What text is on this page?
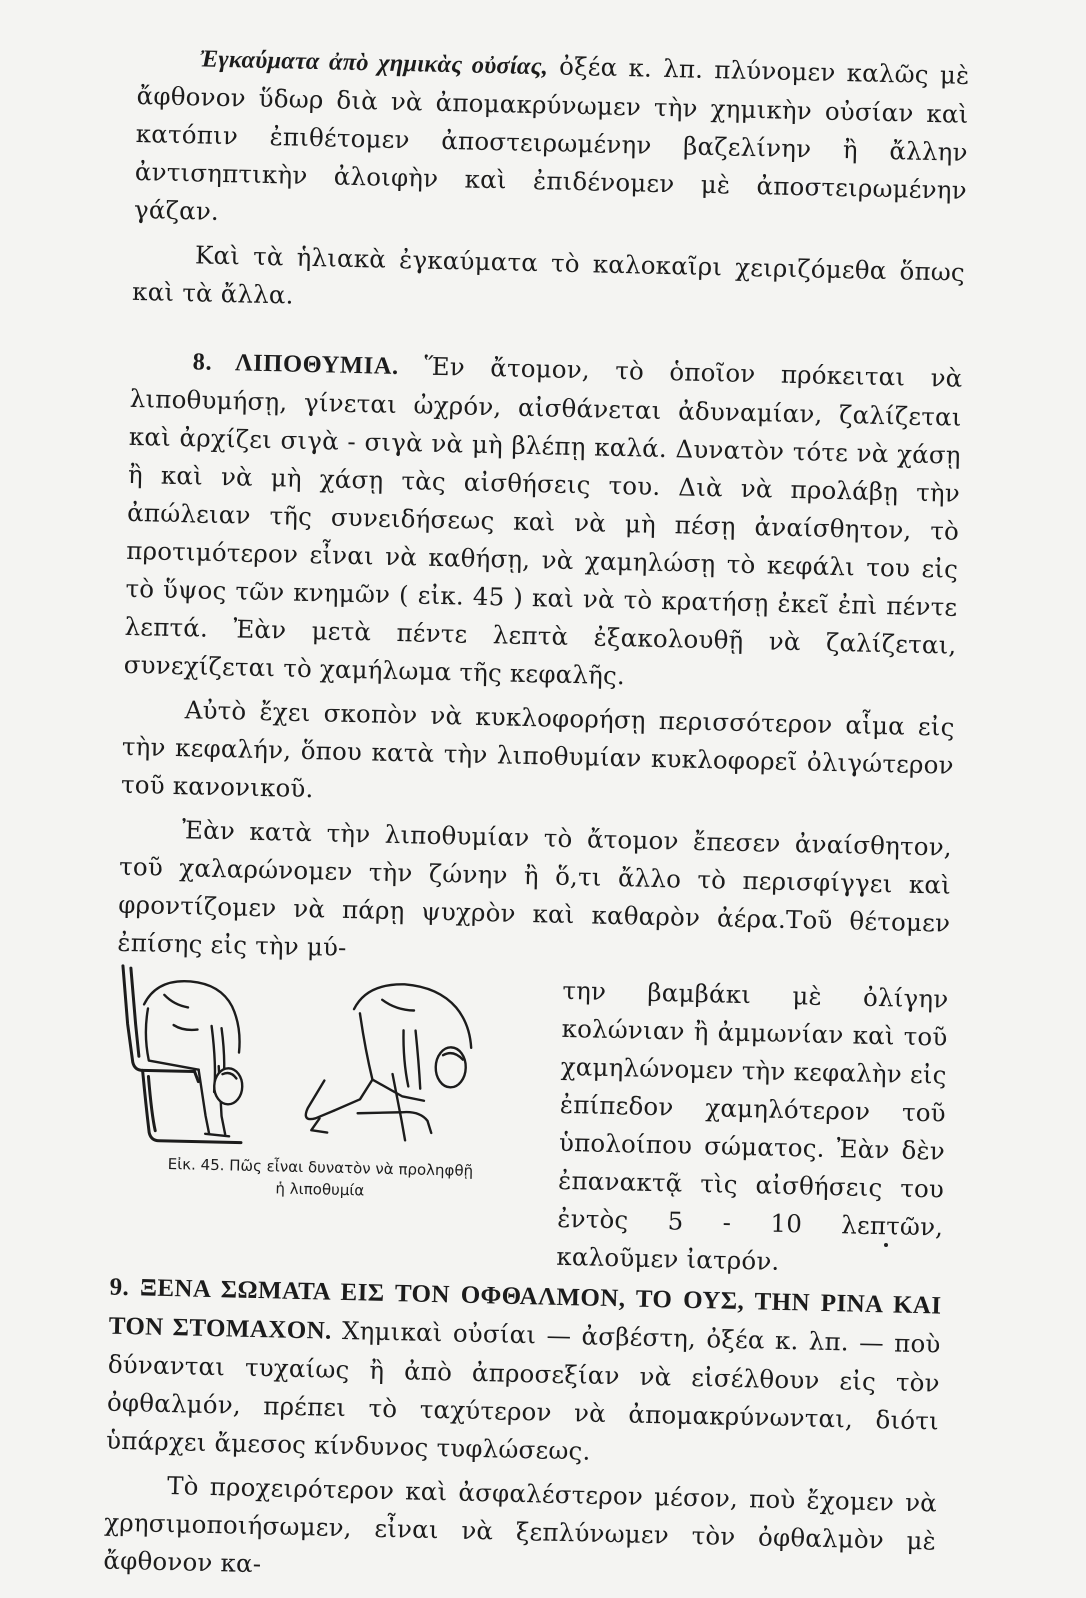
Ἐγκαύματα ἀπὸ χημικὰς οὐσίας, ὀξέα κ. λπ. πλύνομεν καλῶς μὲ ἄφθονον ὕδωρ διὰ νὰ ἀπομακρύνωμεν τὴν χημικὴν οὐσίαν καὶ κατόπιν ἐπιθέτομεν ἀποστειρωμένην βαζελίνην ἢ ἄλλην ἀντισηπτικὴν ἀλοιφὴν καὶ ἐπιδένομεν μὲ ἀποστειρωμένην γάζαν.

Καὶ τὰ ἡλιακὰ ἐγκαύματα τὸ καλοκαῖρι χειριζόμεθα ὅπως καὶ τὰ ἄλλα.

8. ΛΙΠΟΘΥΜΙΑ. Ἕν ἄτομον, τὸ ὁποῖον πρόκειται νὰ λιποθυμήσῃ, γίνεται ὠχρόν, αἰσθάνεται ἀδυναμίαν, ζαλίζεται καὶ ἀρχίζει σιγὰ - σιγὰ νὰ μὴ βλέπῃ καλά. Δυνατὸν τότε νὰ χάσῃ ἢ καὶ νὰ μὴ χάσῃ τὰς αἰσθήσεις του. Διὰ νὰ προλάβῃ τὴν ἀπώλειαν τῆς συνειδήσεως καὶ νὰ μὴ πέσῃ ἀναίσθητον, τὸ προτιμότερον εἶναι νὰ καθήσῃ, νὰ χαμηλώσῃ τὸ κεφάλι του εἰς τὸ ὕψος τῶν κνημῶν ( εἰκ. 45 ) καὶ νὰ τὸ κρατήσῃ ἐκεῖ ἐπὶ πέντε λεπτά. Ἐὰν μετὰ πέντε λεπτὰ ἐξακολουθῇ νὰ ζαλίζεται, συνεχίζεται τὸ χαμήλωμα τῆς κεφαλῆς.

Αὐτὸ ἔχει σκοπὸν νὰ κυκλοφορήσῃ περισσότερον αἷμα εἰς τὴν κεφαλήν, ὅπου κατὰ τὴν λιποθυμίαν κυκλοφορεῖ ὀλιγώτερον τοῦ κανονικοῦ.

Ἐὰν κατὰ τὴν λιποθυμίαν τὸ ἄτομον ἔπεσεν ἀναίσθητον, τοῦ χαλαρώνομεν τὴν ζώνην ἢ ὅ,τι ἄλλο τὸ περισφίγγει καὶ φροντίζομεν νὰ πάρῃ ψυχρὸν καὶ καθαρὸν ἀέρα.Τοῦ θέτομεν ἐπίσης εἰς τὴν μύ-

Εἰκ. 45. Πῶς εἶναι δυνατὸν νὰ προληφθῇ
ἡ λιποθυμία

την βαμβάκι μὲ ὀλίγην κολώνιαν ἢ ἀμμωνίαν καὶ τοῦ χαμηλώνομεν τὴν κεφαλὴν εἰς ἐπίπεδον χαμηλότερον τοῦ ὑπολοίπου σώματος. Ἐὰν δὲν ἐπανακτᾷ τὶς αἰσθήσεις του ἐντὸς 5 - 10 λεπτῶν, καλοῦμεν ἰατρόν.

9. ΞΕΝΑ ΣΩΜΑΤΑ ΕΙΣ ΤΟΝ ΟΦΘΑΛΜΟΝ, ΤΟ ΟΥΣ, ΤΗΝ ΡΙΝΑ ΚΑΙ ΤΟΝ ΣΤΟΜΑΧΟΝ. Χημικαὶ οὐσίαι — ἀσβέστη, ὀξέα κ. λπ. — ποὺ δύνανται τυχαίως ἢ ἀπὸ ἀπροσεξίαν νὰ εἰσέλθουν εἰς τὸν ὀφθαλμόν, πρέπει τὸ ταχύτερον νὰ ἀπομακρύνωνται, διότι ὑπάρχει ἄμεσος κίνδυνος τυφλώσεως.

Τὸ προχειρότερον καὶ ἀσφαλέστερον μέσον, ποὺ ἔχομεν νὰ χρησιμοποιήσωμεν, εἶναι νὰ ξεπλύνωμεν τὸν ὀφθαλμὸν μὲ ἄφθονον κα-
